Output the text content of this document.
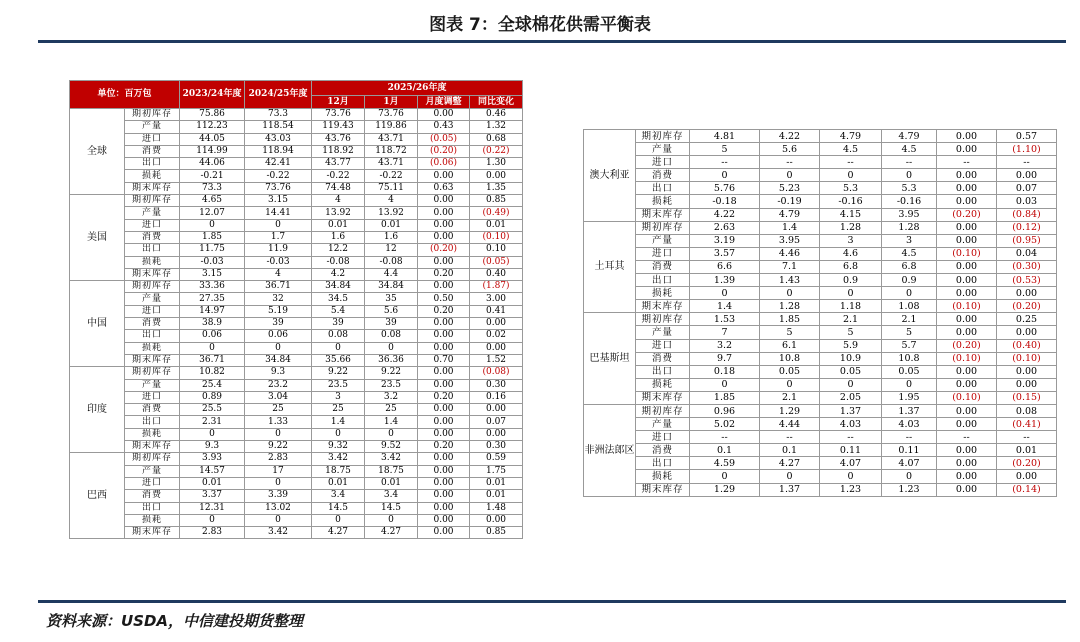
图表 7：全球棉花供需平衡表
单位：百万包		2023/24年度	2024/25年度	2025/26年度			
				12月	1月	月度调整	同比变化
全球	期初库存	75.86	73.3	73.76	73.76	0.00	0.46
	产量	112.23	118.54	119.43	119.86	0.43	1.32
	进口	44.05	43.03	43.76	43.71	(0.05)	0.68
	消费	114.99	118.94	118.92	118.72	(0.20)	(0.22)
	出口	44.06	42.41	43.77	43.71	(0.06)	1.30
	损耗	-0.21	-0.22	-0.22	-0.22	0.00	0.00
	期末库存	73.3	73.76	74.48	75.11	0.63	1.35
美国	期初库存	4.65	3.15	4	4	0.00	0.85
	产量	12.07	14.41	13.92	13.92	0.00	(0.49)
	进口	0	0	0.01	0.01	0.00	0.01
	消费	1.85	1.7	1.6	1.6	0.00	(0.10)
	出口	11.75	11.9	12.2	12	(0.20)	0.10
	损耗	-0.03	-0.03	-0.08	-0.08	0.00	(0.05)
	期末库存	3.15	4	4.2	4.4	0.20	0.40
中国	期初库存	33.36	36.71	34.84	34.84	0.00	(1.87)
	产量	27.35	32	34.5	35	0.50	3.00
	进口	14.97	5.19	5.4	5.6	0.20	0.41
	消费	38.9	39	39	39	0.00	0.00
	出口	0.06	0.06	0.08	0.08	0.00	0.02
	损耗	0	0	0	0	0.00	0.00
	期末库存	36.71	34.84	35.66	36.36	0.70	1.52
印度	期初库存	10.82	9.3	9.22	9.22	0.00	(0.08)
	产量	25.4	23.2	23.5	23.5	0.00	0.30
	进口	0.89	3.04	3	3.2	0.20	0.16
	消费	25.5	25	25	25	0.00	0.00
	出口	2.31	1.33	1.4	1.4	0.00	0.07
	损耗	0	0	0	0	0.00	0.00
	期末库存	9.3	9.22	9.32	9.52	0.20	0.30
巴西	期初库存	3.93	2.83	3.42	3.42	0.00	0.59
	产量	14.57	17	18.75	18.75	0.00	1.75
	进口	0.01	0	0.01	0.01	0.00	0.01
	消费	3.37	3.39	3.4	3.4	0.00	0.01
	出口	12.31	13.02	14.5	14.5	0.00	1.48
	损耗	0	0	0	0	0.00	0.00
	期末库存	2.83	3.42	4.27	4.27	0.00	0.85
澳大利亚	期初库存	4.81	4.22	4.79	4.79	0.00	0.57
	产量	5	5.6	4.5	4.5	0.00	(1.10)
	进口	--	--	--	--	--	--
	消费	0	0	0	0	0.00	0.00
	出口	5.76	5.23	5.3	5.3	0.00	0.07
	损耗	-0.18	-0.19	-0.16	-0.16	0.00	0.03
	期末库存	4.22	4.79	4.15	3.95	(0.20)	(0.84)
土耳其	期初库存	2.63	1.4	1.28	1.28	0.00	(0.12)
	产量	3.19	3.95	3	3	0.00	(0.95)
	进口	3.57	4.46	4.6	4.5	(0.10)	0.04
	消费	6.6	7.1	6.8	6.8	0.00	(0.30)
	出口	1.39	1.43	0.9	0.9	0.00	(0.53)
	损耗	0	0	0	0	0.00	0.00
	期末库存	1.4	1.28	1.18	1.08	(0.10)	(0.20)
巴基斯坦	期初库存	1.53	1.85	2.1	2.1	0.00	0.25
	产量	7	5	5	5	0.00	0.00
	进口	3.2	6.1	5.9	5.7	(0.20)	(0.40)
	消费	9.7	10.8	10.9	10.8	(0.10)	(0.10)
	出口	0.18	0.05	0.05	0.05	0.00	0.00
	损耗	0	0	0	0	0.00	0.00
	期末库存	1.85	2.1	2.05	1.95	(0.10)	(0.15)
非洲法郎区	期初库存	0.96	1.29	1.37	1.37	0.00	0.08
	产量	5.02	4.44	4.03	4.03	0.00	(0.41)
	进口	--	--	--	--	--	--
	消费	0.1	0.1	0.11	0.11	0.00	0.01
	出口	4.59	4.27	4.07	4.07	0.00	(0.20)
	损耗	0	0	0	0	0.00	0.00
	期末库存	1.29	1.37	1.23	1.23	0.00	(0.14)
资料来源：USDA，中信建投期货整理
